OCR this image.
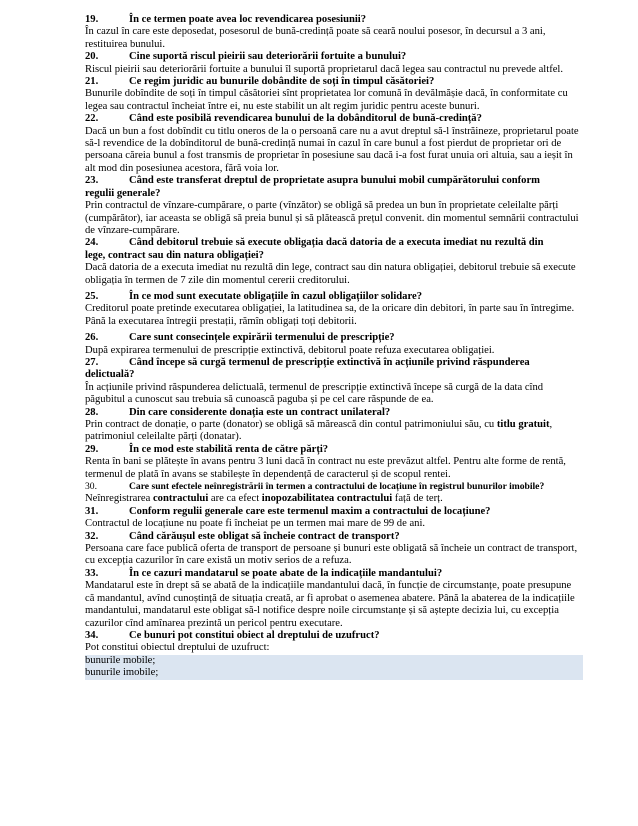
19.	În ce termen poate avea loc revendicarea posesiunii?

În cazul în care este deposedat, posesorul de bună-credință poate să ceară noului posesor, în decursul a 3 ani, restituirea bunului.

20.	Cine suportă riscul pieirii sau deteriorării fortuite a bunului?

Riscul pieirii sau deteriorării fortuite a bunului îl suportă proprietarul dacă legea sau contractul nu prevede altfel.

21.	Ce regim juridic au bunurile dobândite de soți în timpul căsătoriei?

Bunurile dobîndite de soți în timpul căsătoriei sînt proprietatea lor comună în devălmășie dacă, în conformitate cu legea sau contractul încheiat între ei, nu este stabilit un alt regim juridic pentru aceste bunuri.

22.	Când este posibilă revendicarea bunului de la dobânditorul de bună-credință?

Dacă un bun a fost dobîndit cu titlu oneros de la o persoană care nu a avut dreptul să-l înstrăineze, proprietarul poate să-l revendice de la dobînditorul de bună-credință numai în cazul în care bunul a fost pierdut de proprietar ori de persoana căreia bunul a fost transmis de proprietar în posesiune sau dacă i-a fost furat unuia ori altuia, sau a ieșit în alt mod din posesiunea acestora, fără voia lor.

23.	Când este transferat dreptul de proprietate asupra bunului mobil cumpărătorului conform

regulii generale?

Prin contractul de vînzare-cumpărare, o parte (vînzător) se obligă să predea un bun în proprietate celeilalte părți (cumpărător), iar aceasta se obligă să preia bunul și să plătească prețul convenit. din momentul semnării contractului de vînzare-cumpărare.

24.	Când debitorul trebuie să execute obligația dacă datoria de a executa imediat nu rezultă din

lege, contract sau din natura obligației?

Dacă datoria de a executa imediat nu rezultă din lege, contract sau din natura obligației, debitorul trebuie să execute obligația în termen de 7 zile din momentul cererii creditorului.

25.	În ce mod sunt executate obligațiile în cazul obligațiilor solidare?

Creditorul poate pretinde executarea obligației, la latitudinea sa, de la oricare din debitori, în parte sau în întregime. Până la executarea întregii prestații, rămîn obligați toți debitorii.

26.	Care sunt consecințele expirării termenului de prescripție?

După expirarea termenului de prescripție extinctivă, debitorul poate refuza executarea obligației.

27.	Când începe să curgă termenul de prescripție extinctivă în acțiunile privind răspunderea

delictuală?

În acțiunile privind răspunderea delictuală, termenul de prescripție extinctivă începe să curgă de la data cînd păgubitul a cunoscut sau trebuia să cunoască paguba și pe cel care răspunde de ea.

28.	Din care considerente donația este un contract unilateral?

Prin contract de donație, o parte (donator) se obligă să mărească din contul patrimoniului său, cu titlu gratuit, patrimoniul celeilalte părți (donatar).

29.	În ce mod este stabilită renta de către părți?

Renta în bani se plătește în avans pentru 3 luni dacă în contract nu este prevăzut altfel. Pentru alte forme de rentă, termenul de plată în avans se stabilește în dependență de caracterul și de scopul rentei.

30.	Care sunt efectele neînregistrării în termen a contractului de locațiune în registrul bunurilor imobile?

Neînregistrarea contractului are ca efect inopozabilitatea contractului față de terț.

31.	Conform regulii generale care este termenul maxim a contractului de locațiune?

Contractul de locațiune nu poate fi încheiat pe un termen mai mare de 99 de ani.

32.	Când cărăușul este obligat să încheie contract de transport?

Persoana care face publică oferta de transport de persoane și bunuri este obligată să încheie un contract de transport, cu excepția cazurilor în care există un motiv serios de a refuza.

33.	În ce cazuri mandatarul se poate abate de la indicațiile mandantului?

Mandatarul este în drept să se abată de la indicațiile mandantului dacă, în funcție de circumstanțe, poate presupune că mandantul, avînd cunoștință de situația creată, ar fi aprobat o asemenea abatere. Până la abaterea de la indicațiile mandantului, mandatarul este obligat să-l notifice despre noile circumstanțe și să aștepte decizia lui, cu excepția cazurilor cînd amînarea prezintă un pericol pentru executare.

34.	Ce bunuri pot constitui obiect al dreptului de uzufruct?

Pot constitui obiectul dreptului de uzufruct:

bunurile mobile;

bunurile imobile;
